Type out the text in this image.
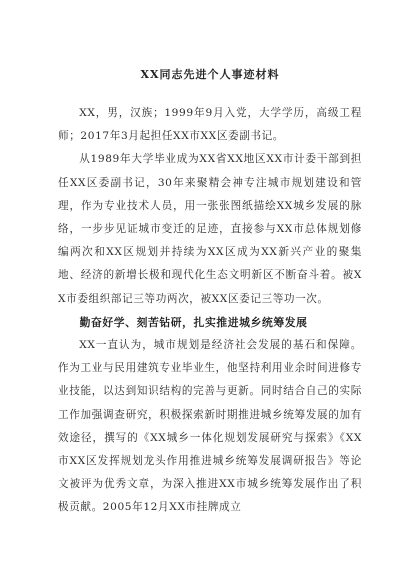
XX同志先进个人事迹材料

XX，男，汉族；1999年9月入党，大学学历，高级工程师；2017年3月起担任XX市XX区委副书记。

从1989年大学毕业成为XX省XX地区XX市计委干部到担任XX区委副书记，30年来聚精会神专注城市规划建设和管理，作为专业技术人员，用一张张图纸描绘XX城乡发展的脉络，一步步见证城市变迁的足迹，直接参与XX市总体规划修编两次和XX区规划并持续为XX区成为XX新兴产业的聚集地、经济的新增长极和现代化生态文明新区不断奋斗着。被XX市委组织部记三等功两次，被XX区委记三等功一次。

勤奋好学、刻苦钻研，扎实推进城乡统筹发展

XX一直认为，城市规划是经济社会发展的基石和保障。作为工业与民用建筑专业毕业生，他坚持利用业余时间进修专业技能，以达到知识结构的完善与更新。同时结合自己的实际工作加强调查研究，积极探索新时期推进城乡统筹发展的加有效途径，撰写的《XX城乡一体化规划发展研究与探索》《XX市XX区发挥规划龙头作用推进城乡统筹发展调研报告》等论文被评为优秀文章，为深入推进XX市城乡统筹发展作出了积极贡献。2005年12月XX市挂牌成立
